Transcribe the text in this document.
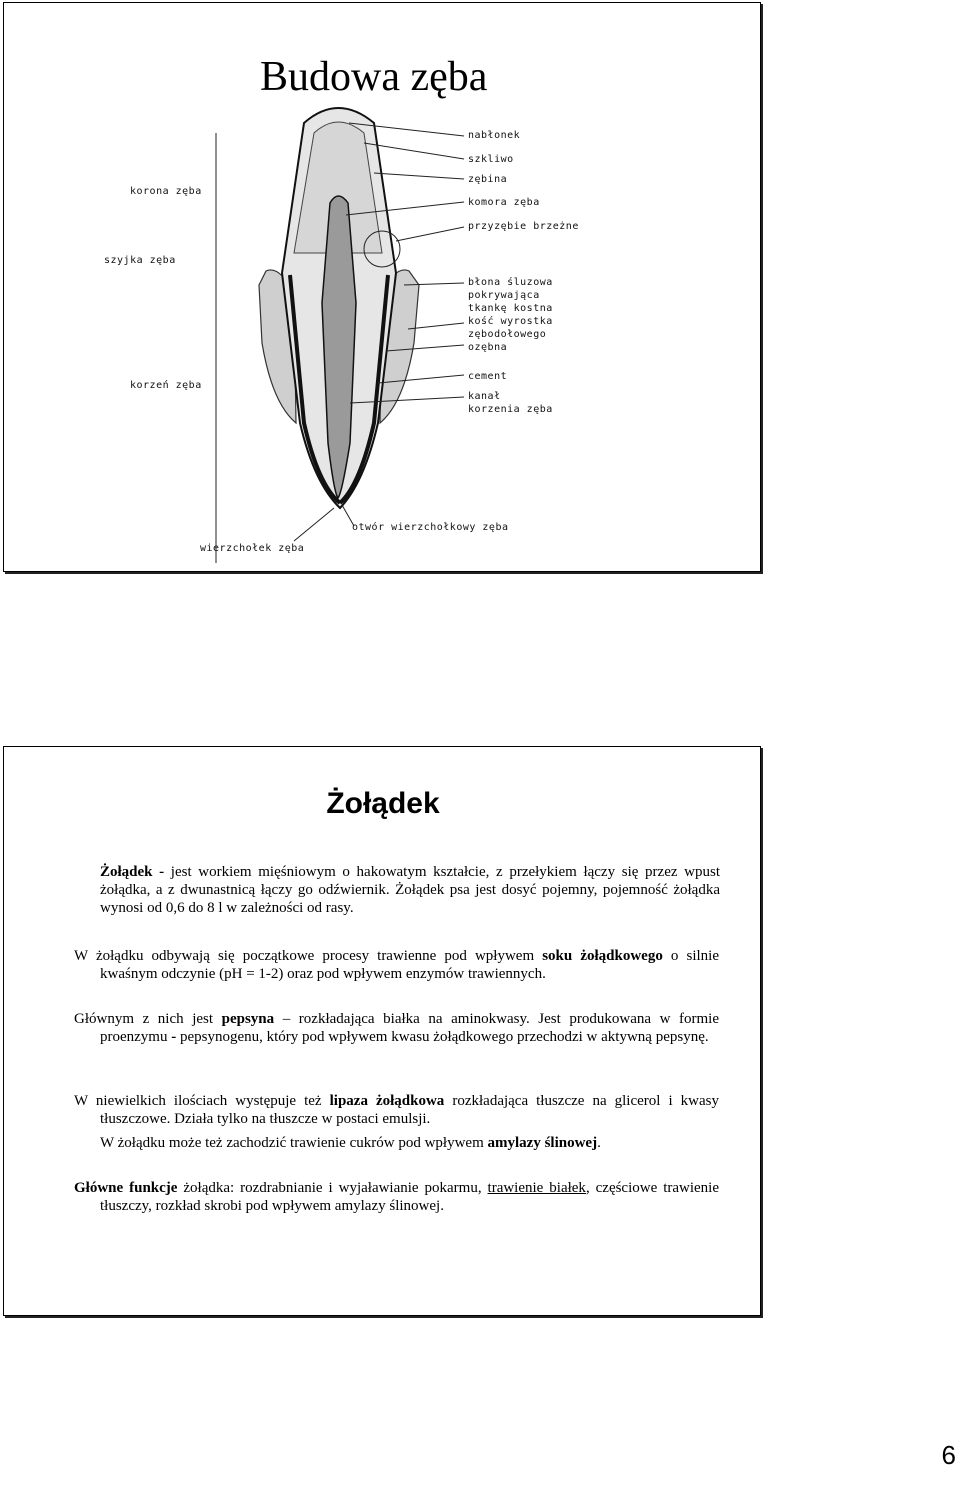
Budowa zęba
korona zęba
szyjka zęba
korzeń zęba
wierzchołek zęba
nabłonek
szkliwo
zębina
komora zęba
przyzębie brzeżne
błona śluzowa
pokrywająca
tkankę kostna
kość wyrostka
zębodołowego
ozębna
cement
kanał
korzenia zęba
otwór wierzchołkowy zęba
Żołądek

Żołądek - jest workiem mięśniowym o hakowatym kształcie, z przełykiem łączy się przez wpust żołądka, a z dwunastnicą łączy go odźwiernik. Żołądek psa jest dosyć pojemny, pojemność żołądka wynosi od 0,6 do 8 l w zależności od rasy.

W żołądku odbywają się początkowe procesy trawienne pod wpływem soku żołądkowego o silnie kwaśnym odczynie (pH = 1-2) oraz pod wpływem enzymów trawiennych.

Głównym z nich jest pepsyna – rozkładająca białka na aminokwasy. Jest produkowana w formie proenzymu - pepsynogenu, który pod wpływem kwasu żołądkowego przechodzi w aktywną pepsynę.

W niewielkich ilościach występuje też lipaza żołądkowa rozkładająca tłuszcze na glicerol i kwasy tłuszczowe. Działa tylko na tłuszcze w postaci emulsji.

W żołądku może też zachodzić trawienie cukrów pod wpływem amylazy ślinowej.

Główne funkcje żołądka: rozdrabnianie i wyjaławianie pokarmu, trawienie białek, częściowe trawienie tłuszczy, rozkład skrobi pod wpływem amylazy ślinowej.

6
